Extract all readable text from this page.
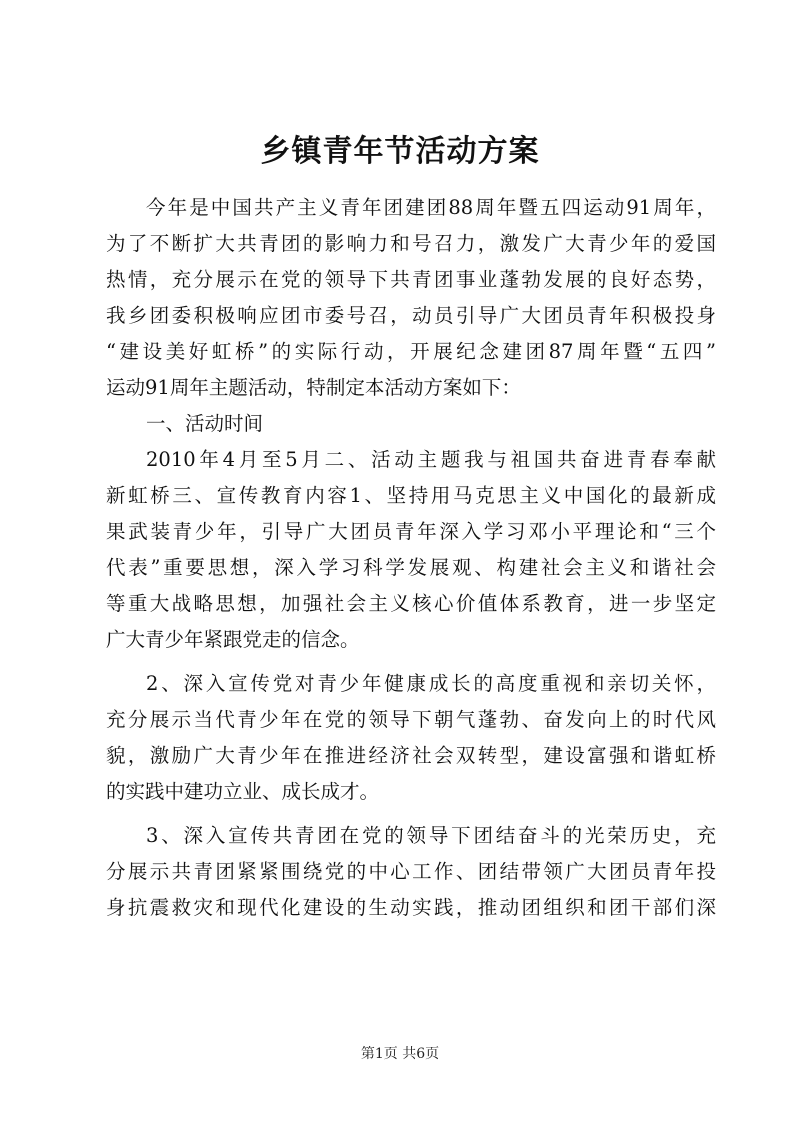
乡镇青年节活动方案
今年是中国共产主义青年团建团88周年暨五四运动91周年，
为了不断扩大共青团的影响力和号召力，激发广大青少年的爱国
热情，充分展示在党的领导下共青团事业蓬勃发展的良好态势，
我乡团委积极响应团市委号召，动员引导广大团员青年积极投身
“建设美好虹桥”的实际行动，开展纪念建团87周年暨“五四”
运动91周年主题活动，特制定本活动方案如下：
一、活动时间
2010年4月至5月二、活动主题我与祖国共奋进青春奉献
新虹桥三、宣传教育内容1、坚持用马克思主义中国化的最新成
果武装青少年，引导广大团员青年深入学习邓小平理论和“三个
代表”重要思想，深入学习科学发展观、构建社会主义和谐社会
等重大战略思想，加强社会主义核心价值体系教育，进一步坚定
广大青少年紧跟党走的信念。
2、深入宣传党对青少年健康成长的高度重视和亲切关怀，
充分展示当代青少年在党的领导下朝气蓬勃、奋发向上的时代风
貌，激励广大青少年在推进经济社会双转型，建设富强和谐虹桥
的实践中建功立业、成长成才。
3、深入宣传共青团在党的领导下团结奋斗的光荣历史，充
分展示共青团紧紧围绕党的中心工作、团结带领广大团员青年投
身抗震救灾和现代化建设的生动实践，推动团组织和团干部们深
第1页 共6页
